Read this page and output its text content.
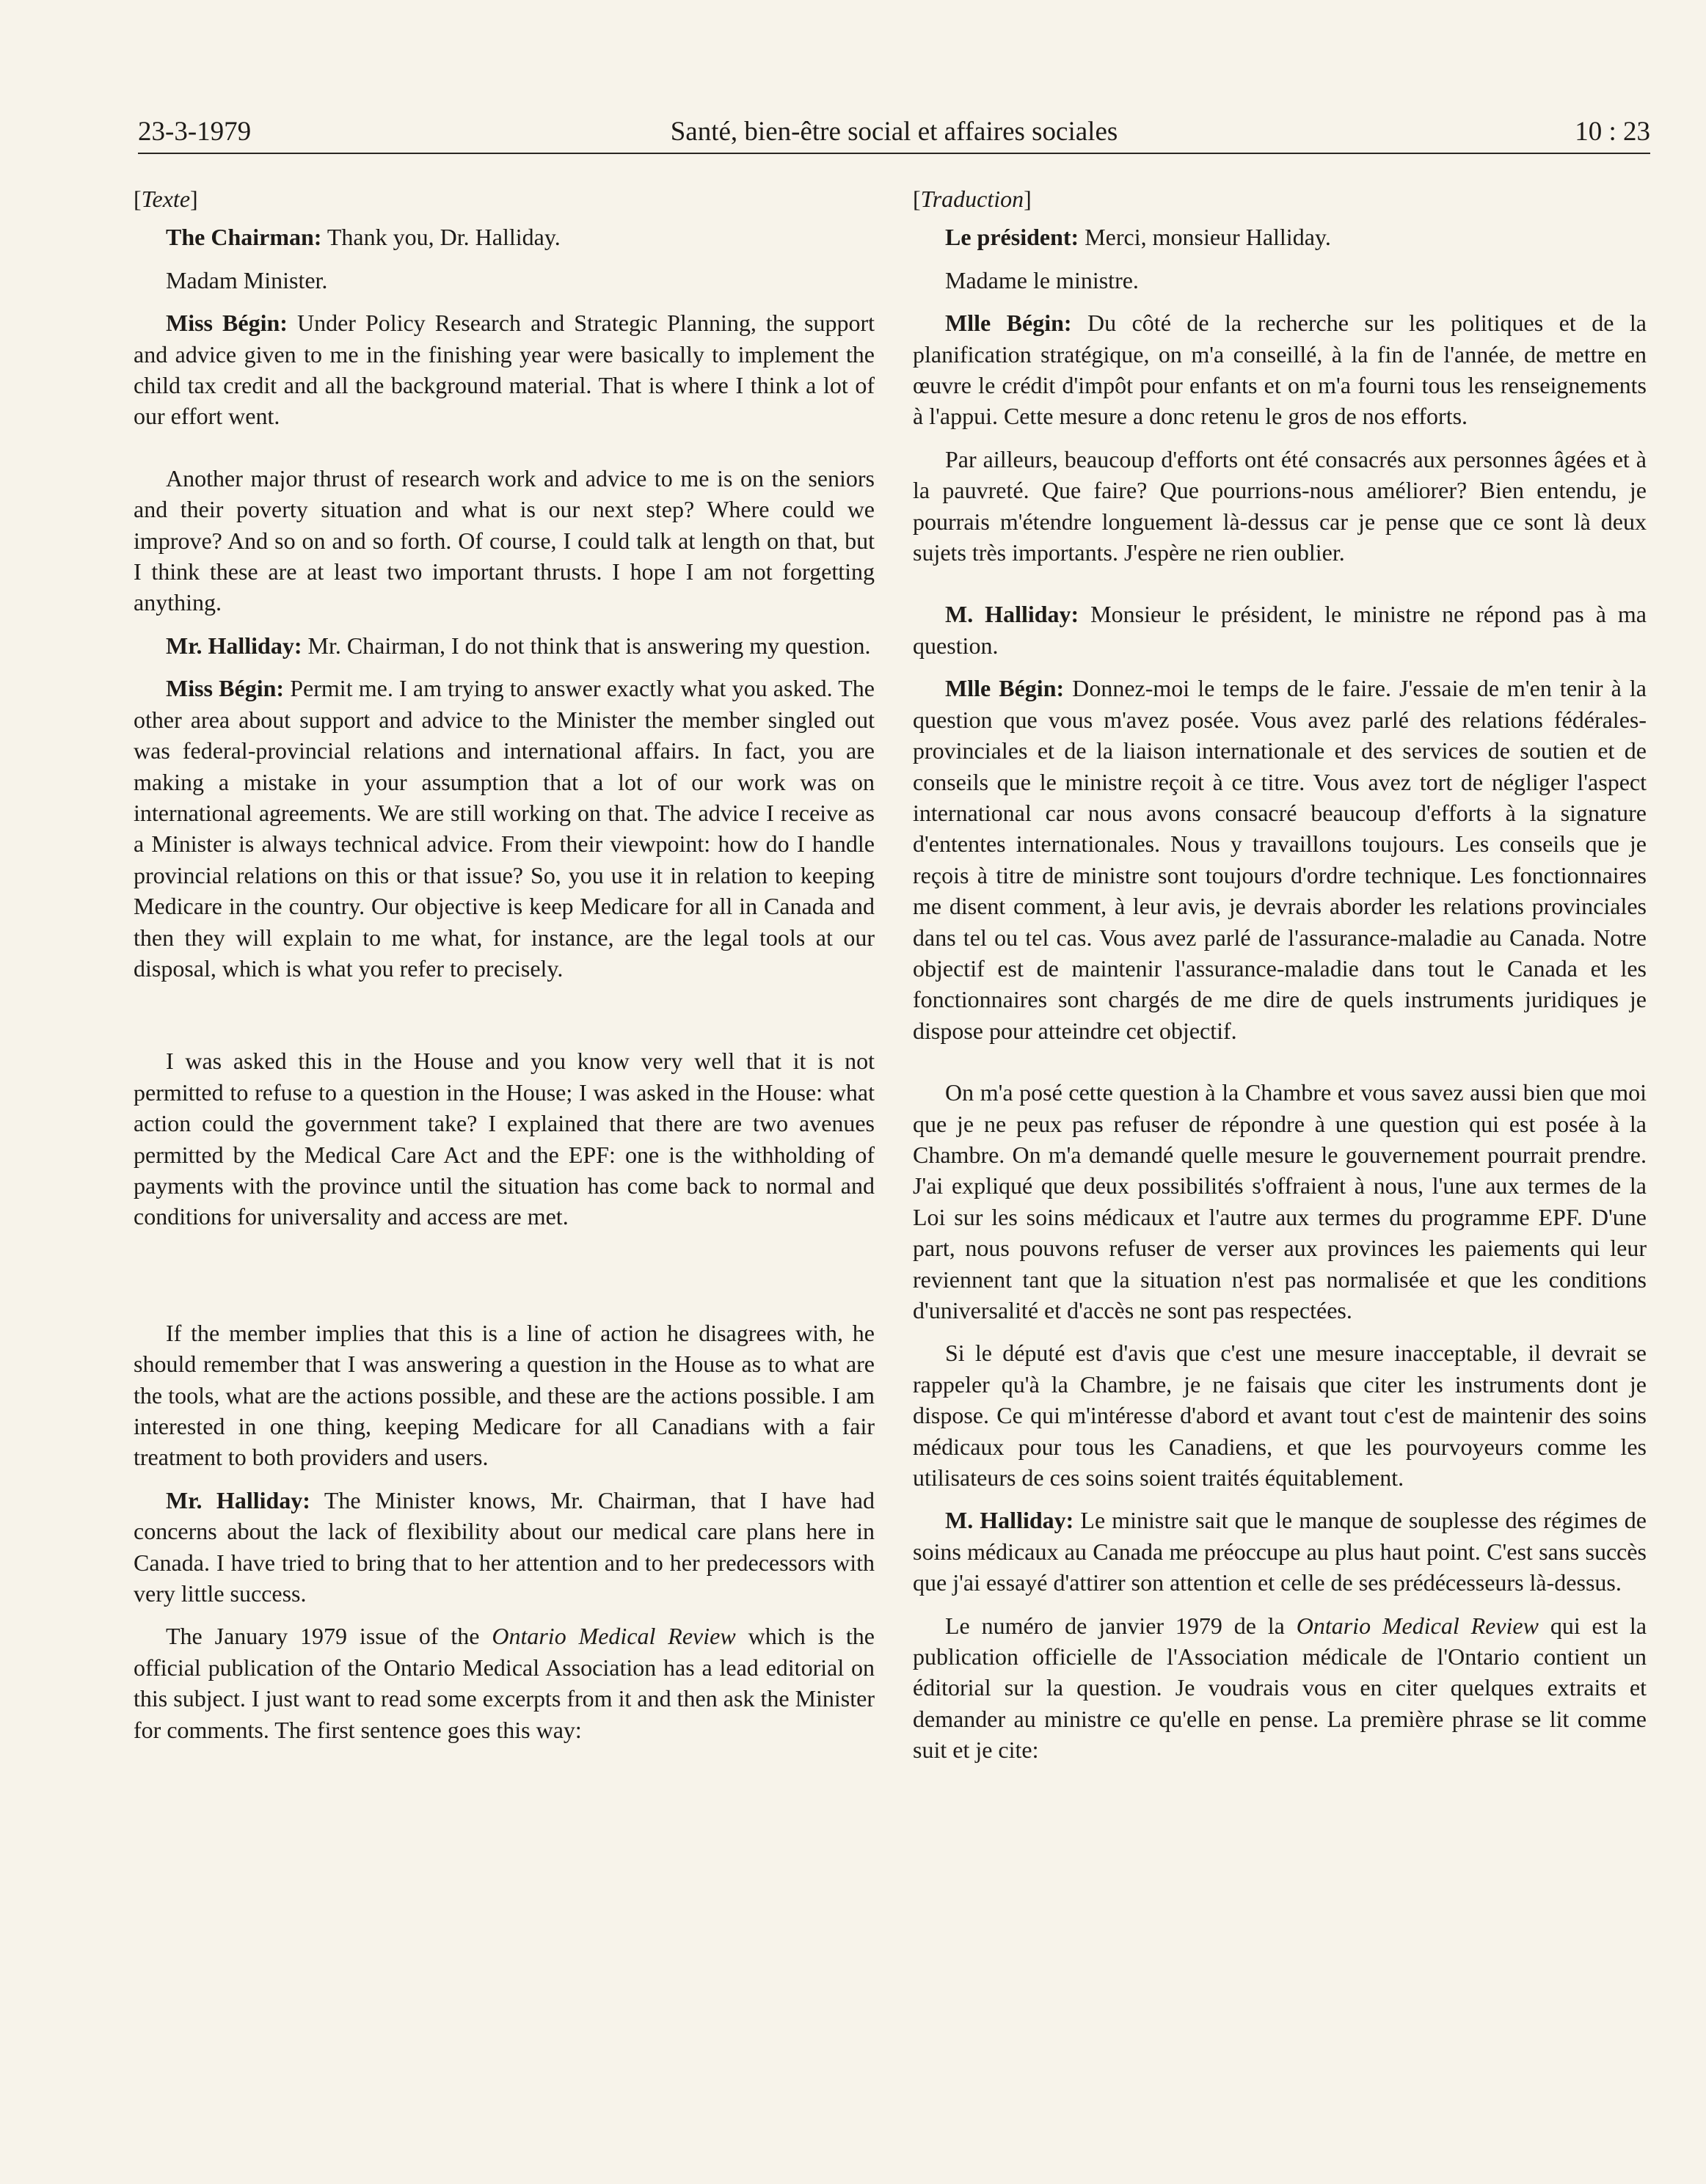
23-3-1979	Santé, bien-être social et affaires sociales	10 : 23
[Texte]

The Chairman: Thank you, Dr. Halliday.

Madam Minister.

Miss Bégin: Under Policy Research and Strategic Planning, the support and advice given to me in the finishing year were basically to implement the child tax credit and all the background material. That is where I think a lot of our effort went.

Another major thrust of research work and advice to me is on the seniors and their poverty situation and what is our next step? Where could we improve? And so on and so forth. Of course, I could talk at length on that, but I think these are at least two important thrusts. I hope I am not forgetting anything.

Mr. Halliday: Mr. Chairman, I do not think that is answering my question.

Miss Bégin: Permit me. I am trying to answer exactly what you asked. The other area about support and advice to the Minister the member singled out was federal-provincial relations and international affairs. In fact, you are making a mistake in your assumption that a lot of our work was on international agreements. We are still working on that. The advice I receive as a Minister is always technical advice. From their viewpoint: how do I handle provincial relations on this or that issue? So, you use it in relation to keeping Medicare in the country. Our objective is keep Medicare for all in Canada and then they will explain to me what, for instance, are the legal tools at our disposal, which is what you refer to precisely.

I was asked this in the House and you know very well that it is not permitted to refuse to a question in the House; I was asked in the House: what action could the government take? I explained that there are two avenues permitted by the Medical Care Act and the EPF: one is the withholding of payments with the province until the situation has come back to normal and conditions for universality and access are met.

If the member implies that this is a line of action he disagrees with, he should remember that I was answering a question in the House as to what are the tools, what are the actions possible, and these are the actions possible. I am interested in one thing, keeping Medicare for all Canadians with a fair treatment to both providers and users.

Mr. Halliday: The Minister knows, Mr. Chairman, that I have had concerns about the lack of flexibility about our medical care plans here in Canada. I have tried to bring that to her attention and to her predecessors with very little success.

The January 1979 issue of the Ontario Medical Review which is the official publication of the Ontario Medical Association has a lead editorial on this subject. I just want to read some excerpts from it and then ask the Minister for comments. The first sentence goes this way:

[Traduction]

Le président: Merci, monsieur Halliday.

Madame le ministre.

Mlle Bégin: Du côté de la recherche sur les politiques et de la planification stratégique, on m'a conseillé, à la fin de l'année, de mettre en œuvre le crédit d'impôt pour enfants et on m'a fourni tous les renseignements à l'appui. Cette mesure a donc retenu le gros de nos efforts.

Par ailleurs, beaucoup d'efforts ont été consacrés aux personnes âgées et à la pauvreté. Que faire? Que pourrions-nous améliorer? Bien entendu, je pourrais m'étendre longuement là-dessus car je pense que ce sont là deux sujets très importants. J'espère ne rien oublier.

M. Halliday: Monsieur le président, le ministre ne répond pas à ma question.

Mlle Bégin: Donnez-moi le temps de le faire. J'essaie de m'en tenir à la question que vous m'avez posée. Vous avez parlé des relations fédérales-provinciales et de la liaison internationale et des services de soutien et de conseils que le ministre reçoit à ce titre. Vous avez tort de négliger l'aspect international car nous avons consacré beaucoup d'efforts à la signature d'ententes internationales. Nous y travaillons toujours. Les conseils que je reçois à titre de ministre sont toujours d'ordre technique. Les fonctionnaires me disent comment, à leur avis, je devrais aborder les relations provinciales dans tel ou tel cas. Vous avez parlé de l'assurance-maladie au Canada. Notre objectif est de maintenir l'assurance-maladie dans tout le Canada et les fonctionnaires sont chargés de me dire de quels instruments juridiques je dispose pour atteindre cet objectif.

On m'a posé cette question à la Chambre et vous savez aussi bien que moi que je ne peux pas refuser de répondre à une question qui est posée à la Chambre. On m'a demandé quelle mesure le gouvernement pourrait prendre. J'ai expliqué que deux possibilités s'offraient à nous, l'une aux termes de la Loi sur les soins médicaux et l'autre aux termes du programme EPF. D'une part, nous pouvons refuser de verser aux provinces les paiements qui leur reviennent tant que la situation n'est pas normalisée et que les conditions d'universalité et d'accès ne sont pas respectées.

Si le député est d'avis que c'est une mesure inacceptable, il devrait se rappeler qu'à la Chambre, je ne faisais que citer les instruments dont je dispose. Ce qui m'intéresse d'abord et avant tout c'est de maintenir des soins médicaux pour tous les Canadiens, et que les pourvoyeurs comme les utilisateurs de ces soins soient traités équitablement.

M. Halliday: Le ministre sait que le manque de souplesse des régimes de soins médicaux au Canada me préoccupe au plus haut point. C'est sans succès que j'ai essayé d'attirer son attention et celle de ses prédécesseurs là-dessus.

Le numéro de janvier 1979 de la Ontario Medical Review qui est la publication officielle de l'Association médicale de l'Ontario contient un éditorial sur la question. Je voudrais vous en citer quelques extraits et demander au ministre ce qu'elle en pense. La première phrase se lit comme suit et je cite:
